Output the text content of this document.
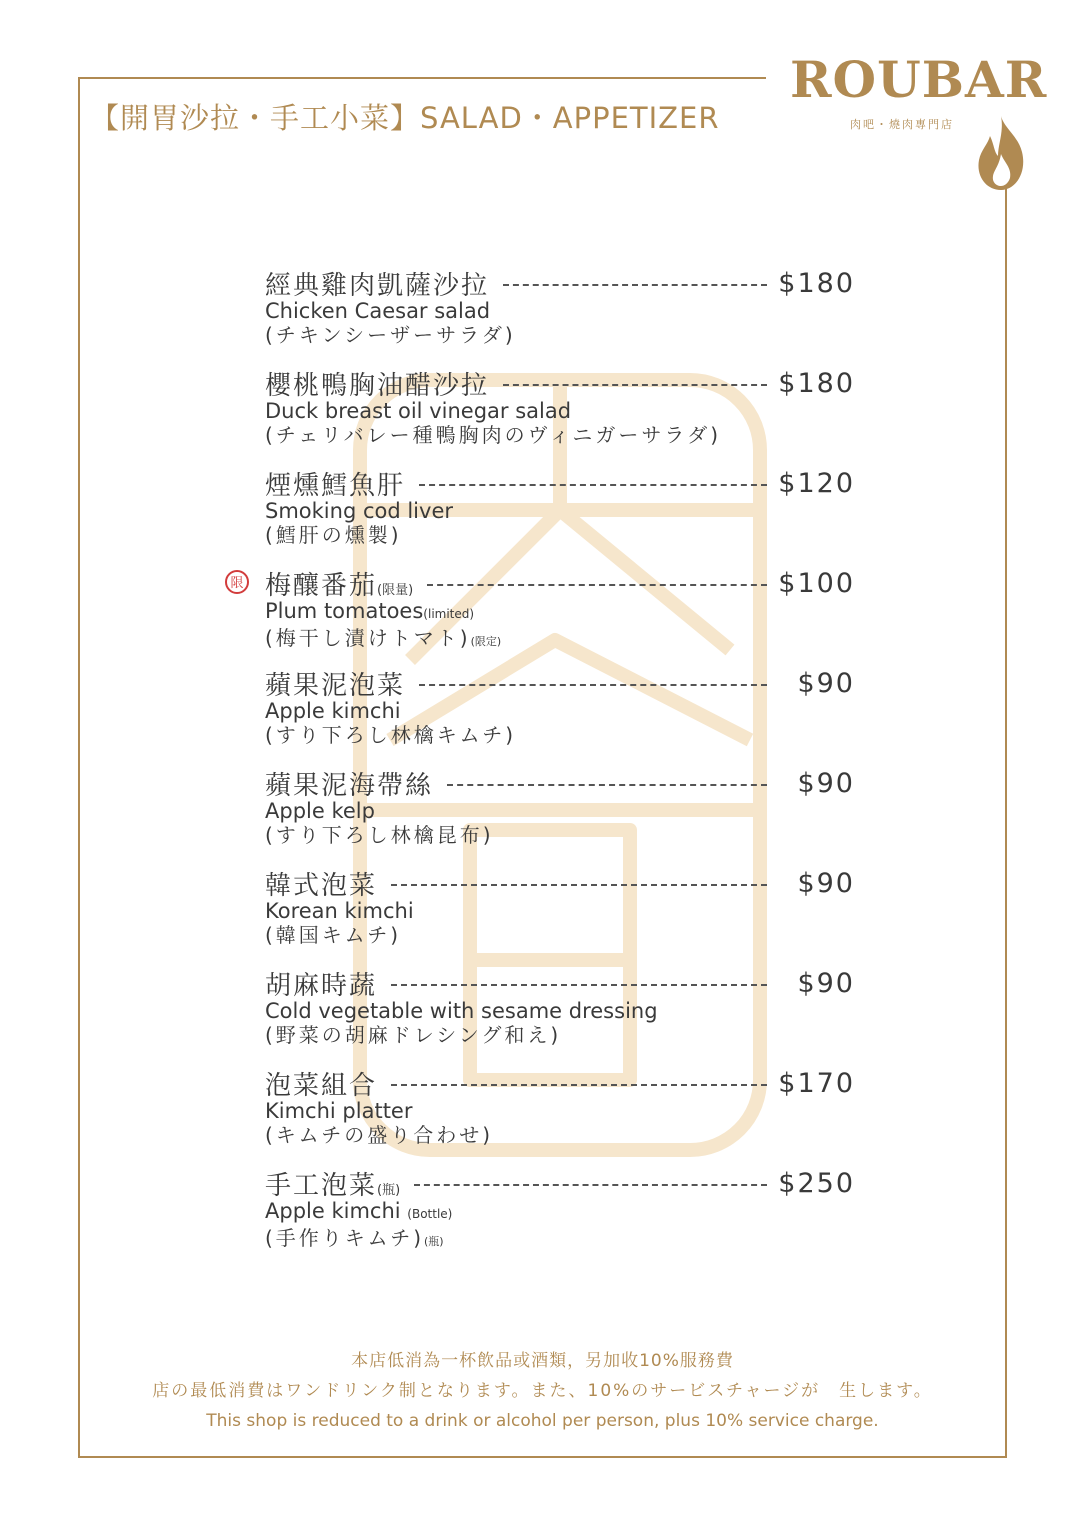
【開胃沙拉・手工小菜】SALAD・APPETIZER
ROUBAR
肉吧・燒肉專門店
經典雞肉凱薩沙拉	$180
Chicken Caesar salad
(チキンシーザーサラダ)
櫻桃鴨胸油醋沙拉	$180
Duck breast oil vinegar salad
(チェリバレー種鴨胸肉のヴィニガーサラダ)
煙燻鱈魚肝	$120
Smoking cod liver
(鱈肝の燻製)
限 梅釀番茄(限量)	$100
Plum tomatoes(limited)
(梅干し漬けトマト)(限定)
蘋果泥泡菜	$90
Apple kimchi
(すり下ろし林檎キムチ)
蘋果泥海帶絲	$90
Apple kelp
(すり下ろし林檎昆布)
韓式泡菜	$90
Korean kimchi
(韓国キムチ)
胡麻時蔬	$90
Cold vegetable with sesame dressing
(野菜の胡麻ドレシング和え)
泡菜組合	$170
Kimchi platter
(キムチの盛り合わせ)
手工泡菜(瓶)	$250
Apple kimchi (Bottle)
(手作りキムチ)(瓶)
本店低消為一杯飲品或酒類，另加收10%服務費
店の最低消費はワンドリンク制となります。また、10%のサービスチャージが　生します。
This shop is reduced to a drink or alcohol per person, plus 10% service charge.
